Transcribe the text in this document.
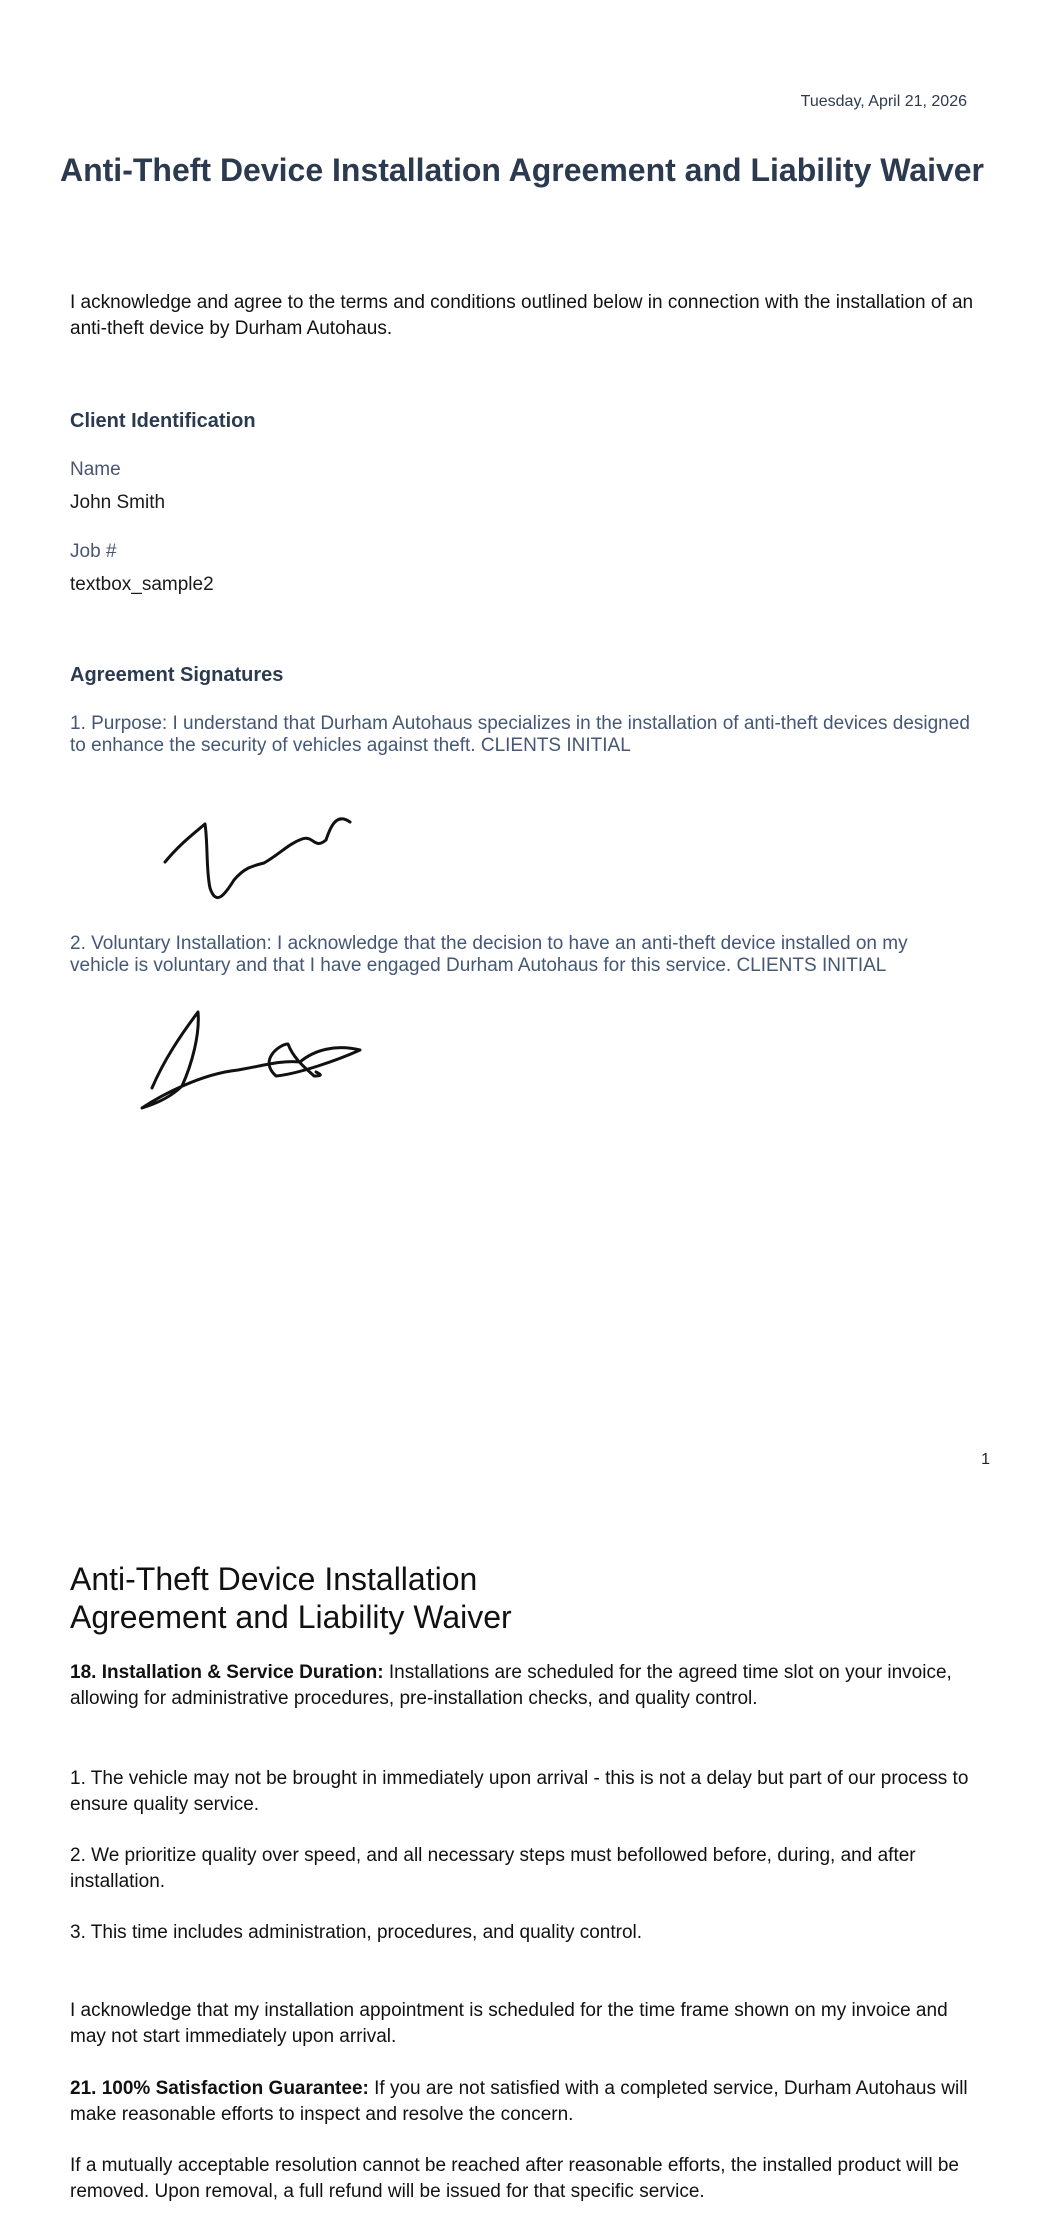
Tuesday, April 21, 2026
Anti-Theft Device Installation Agreement and Liability Waiver

I acknowledge and agree to the terms and conditions outlined below in connection with the installation of an anti-theft device by Durham Autohaus.

Client Identification
Name
John Smith
Job #
textbox_sample2
Agreement Signatures

1. Purpose: I understand that Durham Autohaus specializes in the installation of anti-theft devices designed to enhance the security of vehicles against theft. CLIENTS INITIAL

2. Voluntary Installation: I acknowledge that the decision to have an anti-theft device installed on my vehicle is voluntary and that I have engaged Durham Autohaus for this service. CLIENTS INITIAL

1
Anti-Theft Device Installation
Agreement and Liability Waiver

18. Installation & Service Duration: Installations are scheduled for the agreed time slot on your invoice, allowing for administrative procedures, pre-installation checks, and quality control.

1. The vehicle may not be brought in immediately upon arrival - this is not a delay but part of our process to ensure quality service.

2. We prioritize quality over speed, and all necessary steps must befollowed before, during, and after installation.

3. This time includes administration, procedures, and quality control.

I acknowledge that my installation appointment is scheduled for the time frame shown on my invoice and may not start immediately upon arrival.

21. 100% Satisfaction Guarantee: If you are not satisfied with a completed service, Durham Autohaus will make reasonable efforts to inspect and resolve the concern.

If a mutually acceptable resolution cannot be reached after reasonable efforts, the installed product will be removed. Upon removal, a full refund will be issued for that specific service.
